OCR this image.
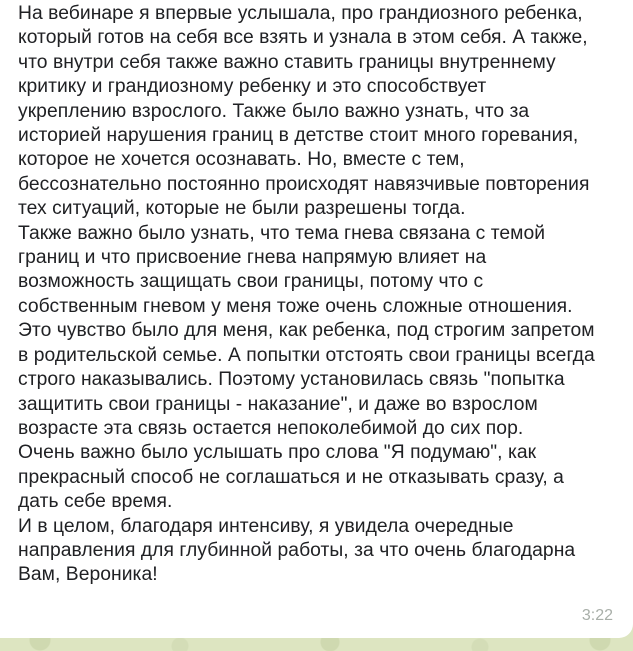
На вебинаре я впервые услышала, про грандиозного ребенка,
который готов на себя все взять и узнала в этом себя. А также,
что внутри себя также важно ставить границы внутреннему
критику и грандиозному ребенку и это способствует
укреплению взрослого. Также было важно узнать, что за
историей нарушения границ в детстве стоит много горевания,
которое не хочется осознавать. Но, вместе с тем,
бессознательно постоянно происходят навязчивые повторения
тех ситуаций, которые не были разрешены тогда.
Также важно было узнать, что тема гнева связана с темой
границ и что присвоение гнева напрямую влияет на
возможность защищать свои границы, потому что с
собственным гневом у меня тоже очень сложные отношения.
Это чувство было для меня, как ребенка, под строгим запретом
в родительской семье. А попытки отстоять свои границы всегда
строго наказывались. Поэтому установилась связь "попытка
защитить свои границы - наказание", и даже во взрослом
возрасте эта связь остается непоколебимой до сих пор.
Очень важно было услышать про слова "Я подумаю", как
прекрасный способ не соглашаться и не отказывать сразу, а
дать себе время.
И в целом, благодаря интенсиву, я увидела очередные
направления для глубинной работы, за что очень благодарна
Вам, Вероника!

3:22
